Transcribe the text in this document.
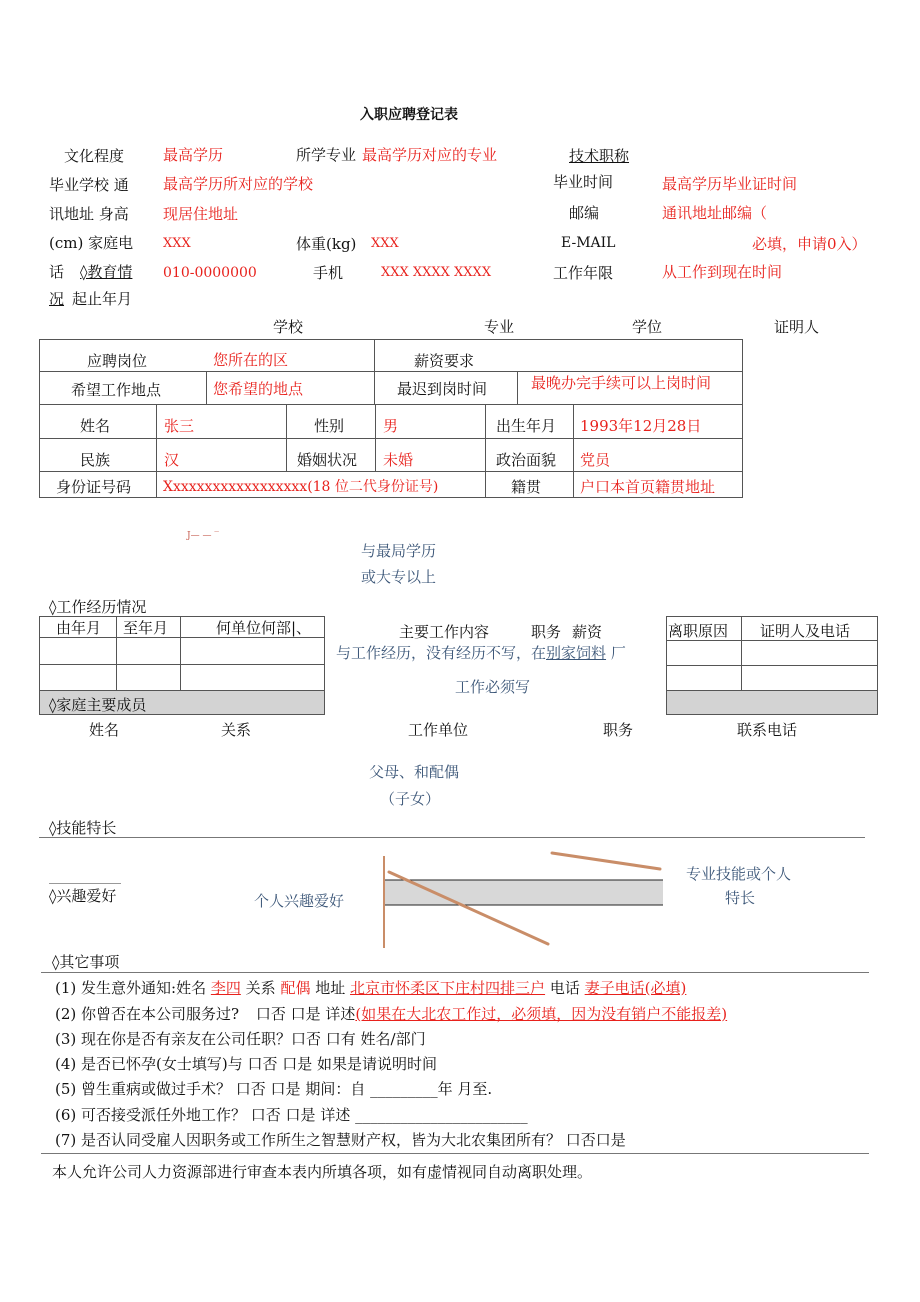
入职应聘登记表
文化程度	最高学历	所学专业 最高学历对应的专业	技术职称
毕业学校 通 最高学历所对应的学校	毕业时间	最高学历毕业证时间
讯地址 身高 现居住地址	邮编	通讯地址邮编（
(cm) 家庭电 XXX	体重(kg) XXX	E-MAIL	必填，申请0入）
话 ◊教育情 010-0000000	手机	XXX XXXX XXXX	工作年限	从工作到现在时间
况 起止年月
学校	专业	学位	证明人
应聘岗位	您所在的区	薪资要求
希望工作地点	您希望的地点	最迟到岗时间	最晚办完手续可以上岗时间
姓名	张三	性别	男	出生年月 1993年12月28日
民族	汉	婚姻状况 未婚	政治面貌 党员
身份证号码 Xxxxxxxxxxxxxxxxxx(18 位二代身份证号)	籍贯	户口本首页籍贯地址
J— — ‾
与最局学历
或大专以上
◊工作经历情况
由年月 至年月	何单位何部|、	主要工作内容	职务 薪资	离职原因 证明人及电话
与工作经历，没有经历不写，在别家饲料 厂
工作必须写
◊家庭主要成员
姓名	关系	工作单位	职务	联系电话
父母、和配偶
（子女）
◊技能特长
◊兴趣爱好	个人兴趣爱好
专业技能或个人
特长
◊其它事项
(1) 发生意外通知:姓名 李四 关系 配偶 地址 北京市怀柔区下庄村四排三户 电话 妻子电话(必填)
(2) 你曾否在本公司服务过? 口否 口是 详述(如果在大北农工作过，必须填，因为没有销户不能报差)
(3) 现在你是否有亲友在公司任职？口否 口有 姓名/部门
(4) 是否已怀孕(女士填写)与 口否 口是 如果是请说明时间
(5) 曾生重病或做过手术？ 口否 口是 期间：自 _________年 月至.
(6) 可否接受派任外地工作？ 口否 口是 详述 _______________________
(7) 是否认同受雇人因职务或工作所生之智慧财产权，皆为大北农集团所有？ 口否口是
本人允许公司人力资源部进行审查本表内所填各项，如有虚情视同自动离职处理。
